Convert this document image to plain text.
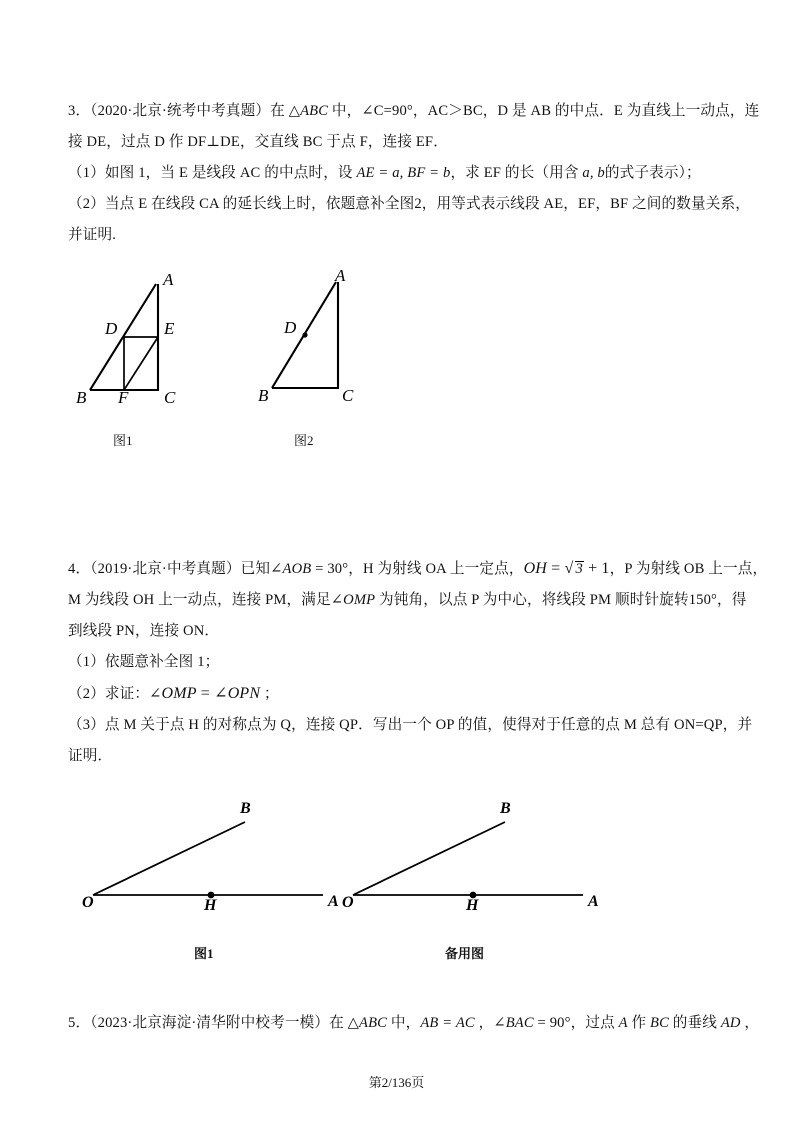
3．（2020·北京·统考中考真题）在 △ABC 中，∠C=90°，AC＞BC，D 是 AB 的中点．E 为直线上一动点，连
接 DE，过点 D 作 DF⊥DE，交直线 BC 于点 F，连接 EF．
（1）如图 1，当 E 是线段 AC 的中点时，设 AE = a, BF = b，求 EF 的长（用含 a, b的式子表示）；
（2）当点 E 在线段 CA 的延长线上时，依题意补全图2，用等式表示线段 AE，EF，BF 之间的数量关系，
并证明.
A
B	C
D	E
F
图1
A
B	C
D
图2
4．（2019·北京·中考真题）已知∠AOB = 30°，H 为射线 OA 上一定点，OH = √ 3 + 1，P 为射线 OB 上一点，
M 为线段 OH 上一动点，连接 PM，满足∠OMP 为钝角，以点 P 为中心，将线段 PM 顺时针旋转150°，得
到线段 PN，连接 ON．
（1）依题意补全图 1；
（2）求证：∠OMP = ∠OPN ；
（3）点 M 关于点 H 的对称点为 Q，连接 QP．写出一个 OP 的值，使得对于任意的点 M 总有 ON=QP，并
证明．
O	A
B
H
图1
O	A
B
H
备用图
5．（2023·北京海淀·清华附中校考一模）在 △ABC 中，AB = AC ，∠BAC = 90°，过点 A 作 BC 的垂线 AD ，
第2/136页
